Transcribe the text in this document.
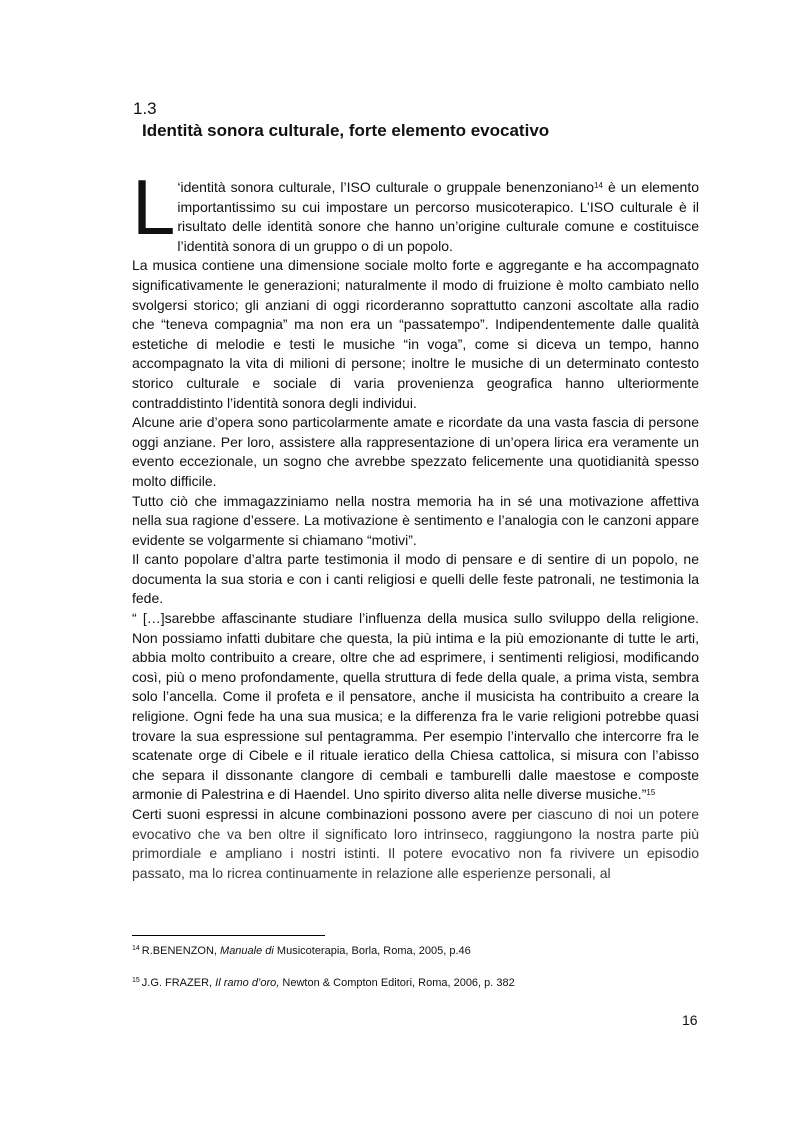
1.3
Identità sonora culturale, forte elemento evocativo

L ‘identità sonora culturale, l’ISO culturale o gruppale benenzoniano$^{14}$ è un elemento importantissimo su cui impostare un percorso musicoterapico. L’ISO culturale è il risultato delle identità sonore che hanno un’origine culturale comune e costituisce l’identità sonora di un gruppo o di un popolo.

La musica contiene una dimensione sociale molto forte e aggregante e ha accompagnato significativamente le generazioni; naturalmente il modo di fruizione è molto cambiato nello svolgersi storico; gli anziani di oggi ricorderanno soprattutto canzoni ascoltate alla radio che “teneva compagnia” ma non era un “passatempo”. Indipendentemente dalle qualità estetiche di melodie e testi le musiche “in voga”, come si diceva un tempo, hanno accompagnato la vita di milioni di persone; inoltre le musiche di un determinato contesto storico culturale e sociale di varia provenienza geografica hanno ulteriormente contraddistinto l’identità sonora degli individui.

Alcune arie d’opera sono particolarmente amate e ricordate da una vasta fascia di persone oggi anziane. Per loro, assistere alla rappresentazione di un’opera lirica era veramente un evento eccezionale, un sogno che avrebbe spezzato felicemente una quotidianità spesso molto difficile.

Tutto ciò che immagazziniamo nella nostra memoria ha in sé una motivazione affettiva nella sua ragione d’essere. La motivazione è sentimento e l’analogia con le canzoni appare evidente se volgarmente si chiamano “motivi”.

Il canto popolare d’altra parte testimonia il modo di pensare e di sentire di un popolo, ne documenta la sua storia e con i canti religiosi e quelli delle feste patronali, ne testimonia la fede.

“ […]sarebbe affascinante studiare l’influenza della musica sullo sviluppo della religione. Non possiamo infatti dubitare che questa, la più intima e la più emozionante di tutte le arti, abbia molto contribuito a creare, oltre che ad esprimere, i sentimenti religiosi, modificando così, più o meno profondamente, quella struttura di fede della quale, a prima vista, sembra solo l’ancella. Come il profeta e il pensatore, anche il musicista ha contribuito a creare la religione. Ogni fede ha una sua musica; e la differenza fra le varie religioni potrebbe quasi trovare la sua espressione sul pentagramma. Per esempio l’intervallo che intercorre fra le scatenate orge di Cibele e il rituale ieratico della Chiesa cattolica, si misura con l’abisso che separa il dissonante clangore di cembali e tamburelli dalle maestose e composte armonie di Palestrina e di Haendel. Uno spirito diverso alita nelle diverse musiche.”$^{15}$

Certi suoni espressi in alcune combinazioni possono avere per ciascuno di noi un potere evocativo che va ben oltre il significato loro intrinseco, raggiungono la nostra parte più primordiale e ampliano i nostri istinti. Il potere evocativo non fa rivivere un episodio passato, ma lo ricrea continuamente in relazione alle esperienze personali, al

$^{14}$ R.BENENZON, Manuale di Musicoterapia, Borla, Roma, 2005, p.46
$^{15}$ J.G. FRAZER, Il ramo d’oro, Newton & Compton Editori, Roma, 2006, p. 382
16
